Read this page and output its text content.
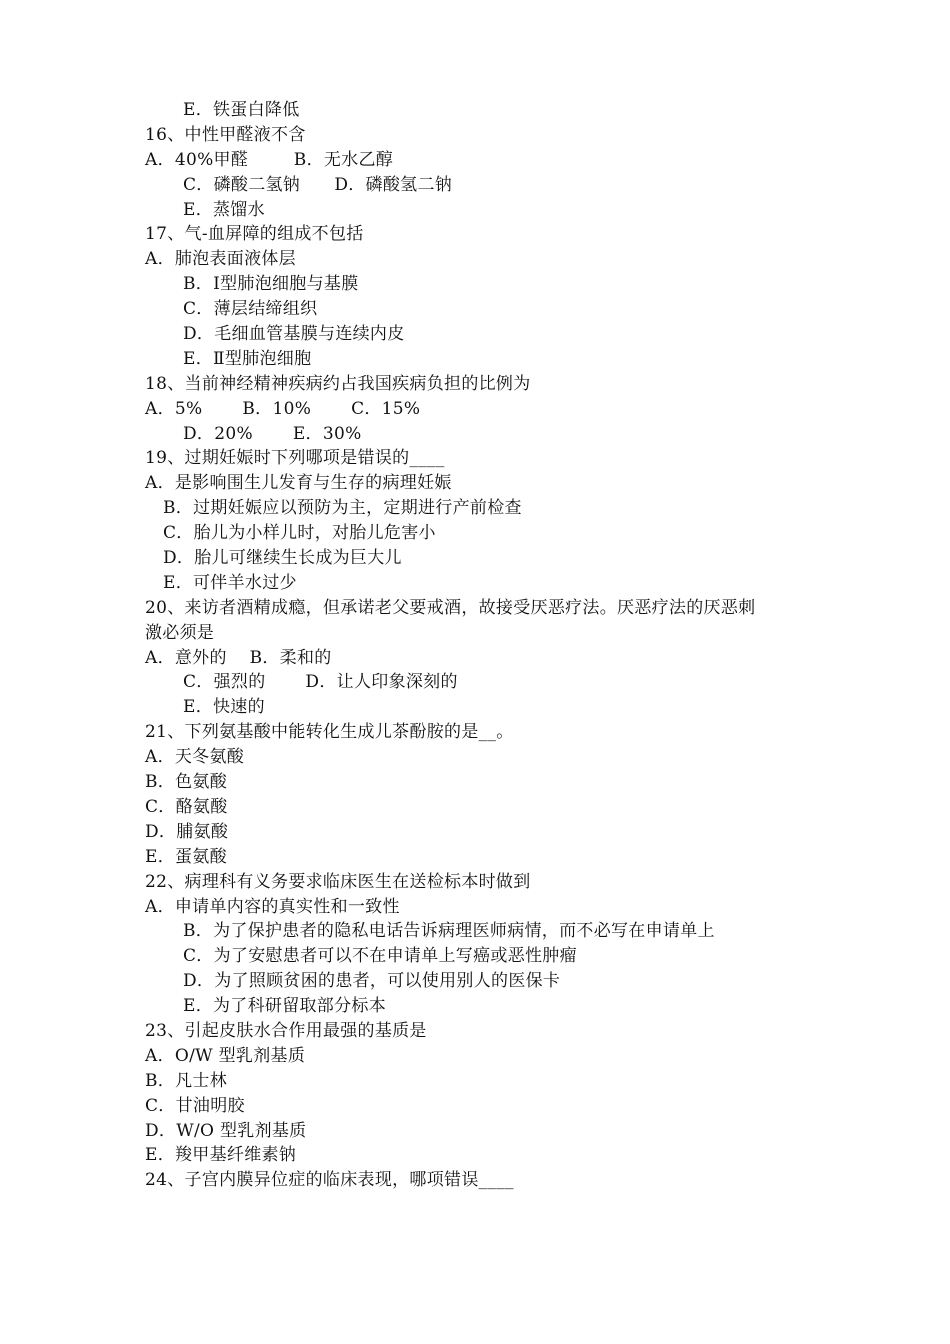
E．铁蛋白降低
16、中性甲醛液不含
A．40%甲醛        B．无水乙醇
C．磷酸二氢钠      D．磷酸氢二钠
E．蒸馏水
17、气-血屏障的组成不包括
A．肺泡表面液体层
B．Ⅰ型肺泡细胞与基膜
C．薄层结缔组织
D．毛细血管基膜与连续内皮
E．Ⅱ型肺泡细胞
18、当前神经精神疾病约占我国疾病负担的比例为
A．5%       B．10%       C．15%
D．20%       E．30%
19、过期妊娠时下列哪项是错误的____
A．是影响围生儿发育与生存的病理妊娠
B．过期妊娠应以预防为主，定期进行产前检查
C．胎儿为小样儿时，对胎儿危害小
D．胎儿可继续生长成为巨大儿
E．可伴羊水过少
20、来访者酒精成瘾，但承诺老父要戒酒，故接受厌恶疗法。厌恶疗法的厌恶刺
激必须是
A．意外的    B．柔和的
C．强烈的       D．让人印象深刻的
E．快速的
21、下列氨基酸中能转化生成儿茶酚胺的是__。
A．天冬氨酸
B．色氨酸
C．酪氨酸
D．脯氨酸
E．蛋氨酸
22、病理科有义务要求临床医生在送检标本时做到
A．申请单内容的真实性和一致性
B．为了保护患者的隐私电话告诉病理医师病情，而不必写在申请单上
C．为了安慰患者可以不在申请单上写癌或恶性肿瘤
D．为了照顾贫困的患者，可以使用别人的医保卡
E．为了科研留取部分标本
23、引起皮肤水合作用最强的基质是
A．O/W 型乳剂基质
B．凡士林
C．甘油明胶
D．W/O 型乳剂基质
E．羧甲基纤维素钠
24、子宫内膜异位症的临床表现，哪项错误____
